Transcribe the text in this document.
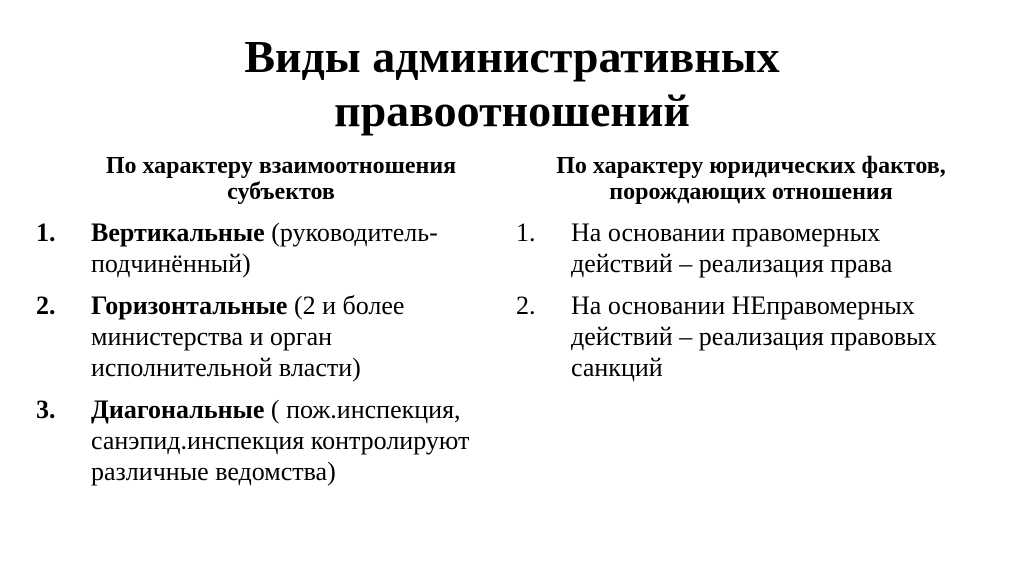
Виды административных
правоотношений

По характеру взаимоотношения
субъектов

1.	Вертикальные (руководитель-подчинённый)
2.	Горизонтальные (2 и более министерства и орган исполнительной власти)
3.	Диагональные ( пож.инспекция, санэпид.инспекция контролируют различные ведомства)

По характеру юридических фактов,
порождающих отношения

1.	На основании правомерных действий – реализация права
2.	На основании НЕправомерных действий – реализация правовых санкций
